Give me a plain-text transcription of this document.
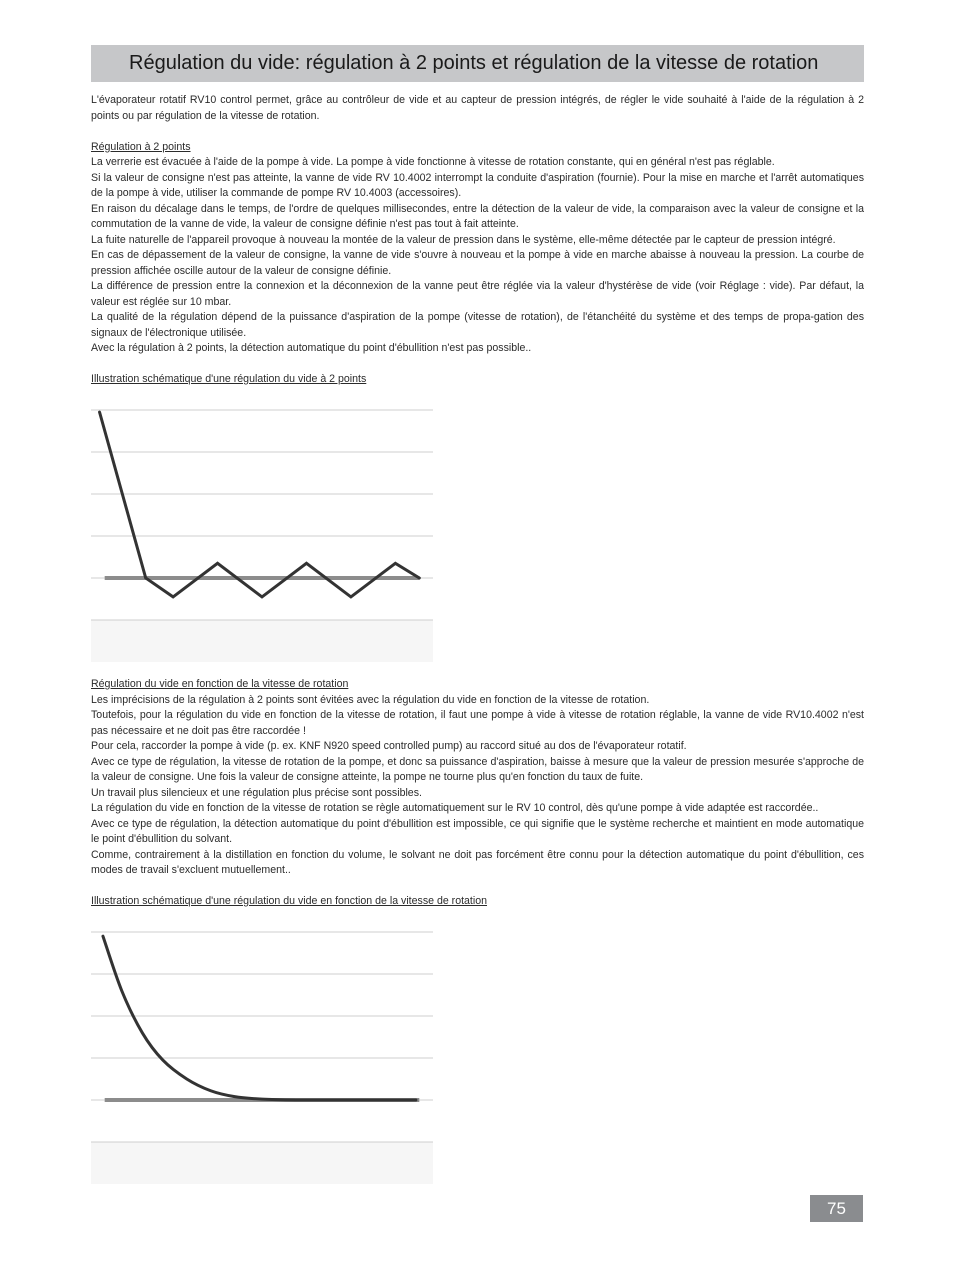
Régulation du vide: régulation à 2 points et régulation de la vitesse de rotation

L'évaporateur rotatif RV10 control permet, grâce au contrôleur de vide et au capteur de pression intégrés, de régler le vide souhaité à l'aide de la régulation à 2 points ou par régulation de la vitesse de rotation.

Régulation à 2 points

La verrerie est évacuée à l'aide de la pompe à vide. La pompe à vide fonctionne à vitesse de rotation constante, qui en général n'est pas réglable.

Si la valeur de consigne n'est pas atteinte, la vanne de vide RV 10.4002 interrompt la conduite d'aspiration (fournie). Pour la mise en marche et l'arrêt automatiques de la pompe à vide, utiliser la commande de pompe RV 10.4003 (accessoires).

En raison du décalage dans le temps, de l'ordre de quelques millisecondes, entre la détection de la valeur de vide, la comparaison avec la valeur de consigne et la commutation de la vanne de vide, la valeur de consigne définie n'est pas tout à fait atteinte.

La fuite naturelle de l'appareil provoque à nouveau la montée de la valeur de pression dans le système, elle-même détectée par le capteur de pression intégré.

En cas de dépassement de la valeur de consigne, la vanne de vide s'ouvre à nouveau et la pompe à vide en marche abaisse à nouveau la pression. La courbe de pression affichée oscille autour de la valeur de consigne définie.

La différence de pression entre la connexion et la déconnexion de la vanne peut être réglée via la valeur d'hystérèse de vide (voir Réglage : vide). Par défaut, la valeur est réglée sur 10 mbar.

La qualité de la régulation dépend de la puissance d'aspiration de la pompe (vitesse de rotation), de l'étanchéité du système et des temps de propa-gation des signaux de l'électronique utilisée.

Avec la régulation à 2 points, la détection automatique du point d'ébullition n'est pas possible..

Illustration schématique d'une régulation du vide à 2 points

Régulation du vide en fonction de la vitesse de rotation

Les imprécisions de la régulation à 2 points sont évitées avec la régulation du vide en fonction de la vitesse de rotation.

Toutefois, pour la régulation du vide en fonction de la vitesse de rotation, il faut une pompe à vide à vitesse de rotation réglable, la vanne de vide RV10.4002 n'est pas nécessaire et ne doit pas être raccordée !

Pour cela, raccorder la pompe à vide (p. ex. KNF N920 speed controlled pump) au raccord situé au dos de l'évaporateur rotatif.

Avec ce type de régulation, la vitesse de rotation de la pompe, et donc sa puissance d'aspiration, baisse à mesure que la valeur de pression mesurée s'approche de la valeur de consigne. Une fois la valeur de consigne atteinte, la pompe ne tourne plus qu'en fonction du taux de fuite.

Un travail plus silencieux et une régulation plus précise sont possibles.

La régulation du vide en fonction de la vitesse de rotation se règle automatiquement sur le RV 10 control, dès qu'une pompe à vide adaptée est raccordée..

Avec ce type de régulation, la détection automatique du point d'ébullition est impossible, ce qui signifie que le système recherche et maintient en mode automatique le point d'ébullition du solvant.

Comme, contrairement à la distillation en fonction du volume, le solvant ne doit pas forcément être connu pour la détection automatique du point d'ébullition, ces modes de travail s'excluent mutuellement..

Illustration schématique d'une régulation du vide en fonction de la vitesse de rotation

75
